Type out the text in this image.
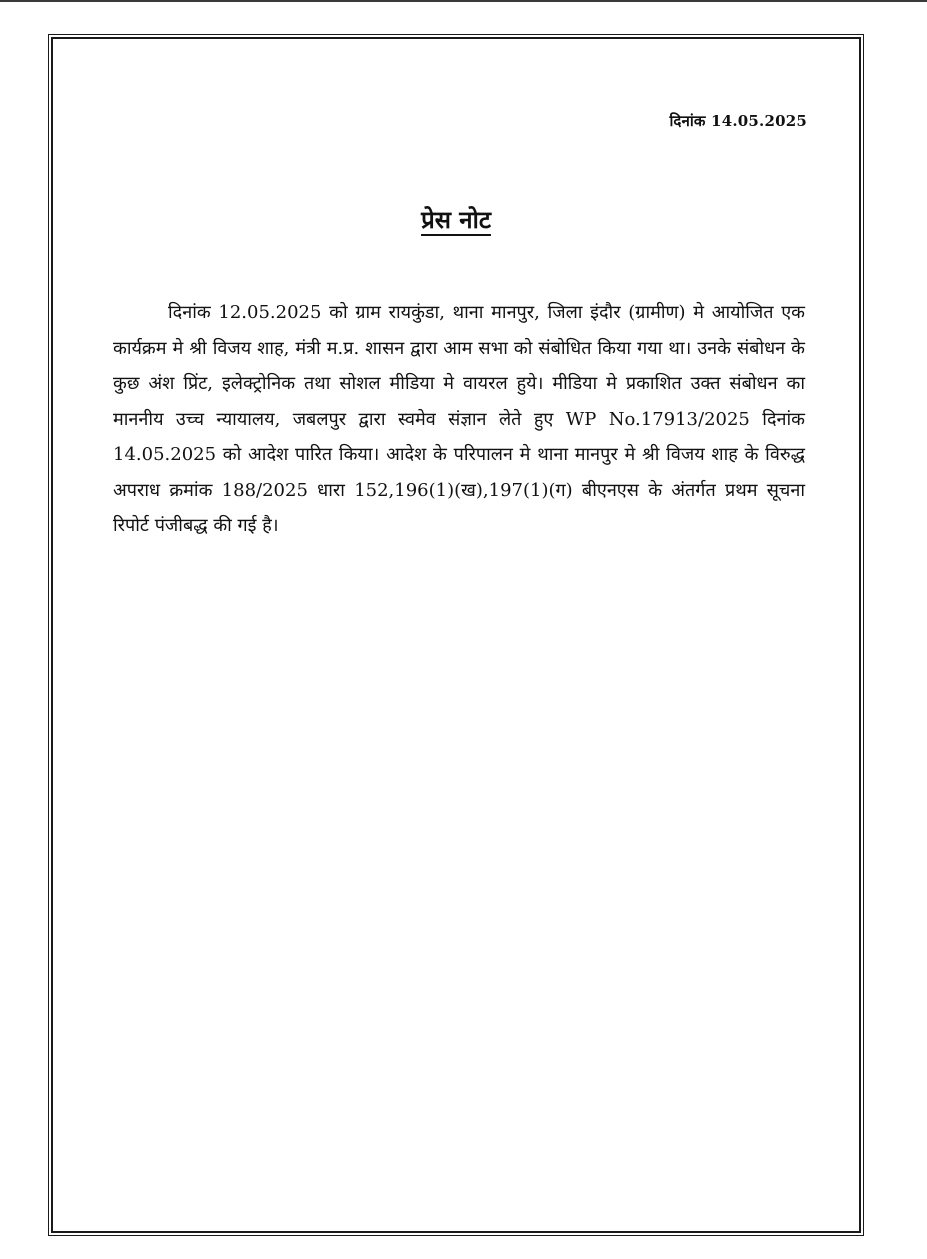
दिनांक 14.05.2025
प्रेस नोट

दिनांक 12.05.2025 को ग्राम रायकुंडा, थाना मानपुर, जिला इंदौर (ग्रामीण) मे आयोजित एक कार्यक्रम मे श्री विजय शाह, मंत्री म.प्र. शासन द्वारा आम सभा को संबोधित किया गया था। उनके संबोधन के कुछ अंश प्रिंट, इलेक्ट्रोनिक तथा सोशल मीडिया मे वायरल हुये। मीडिया मे प्रकाशित उक्त संबोधन का माननीय उच्च न्यायालय, जबलपुर द्वारा स्वमेव संज्ञान लेते हुए WP No.17913/2025 दिनांक 14.05.2025 को आदेश पारित किया। आदेश के परिपालन मे थाना मानपुर मे श्री विजय शाह के विरुद्ध अपराध क्रमांक 188/2025 धारा 152,196(1)(ख),197(1)(ग) बीएनएस के अंतर्गत प्रथम सूचना रिपोर्ट पंजीबद्ध की गई है।
